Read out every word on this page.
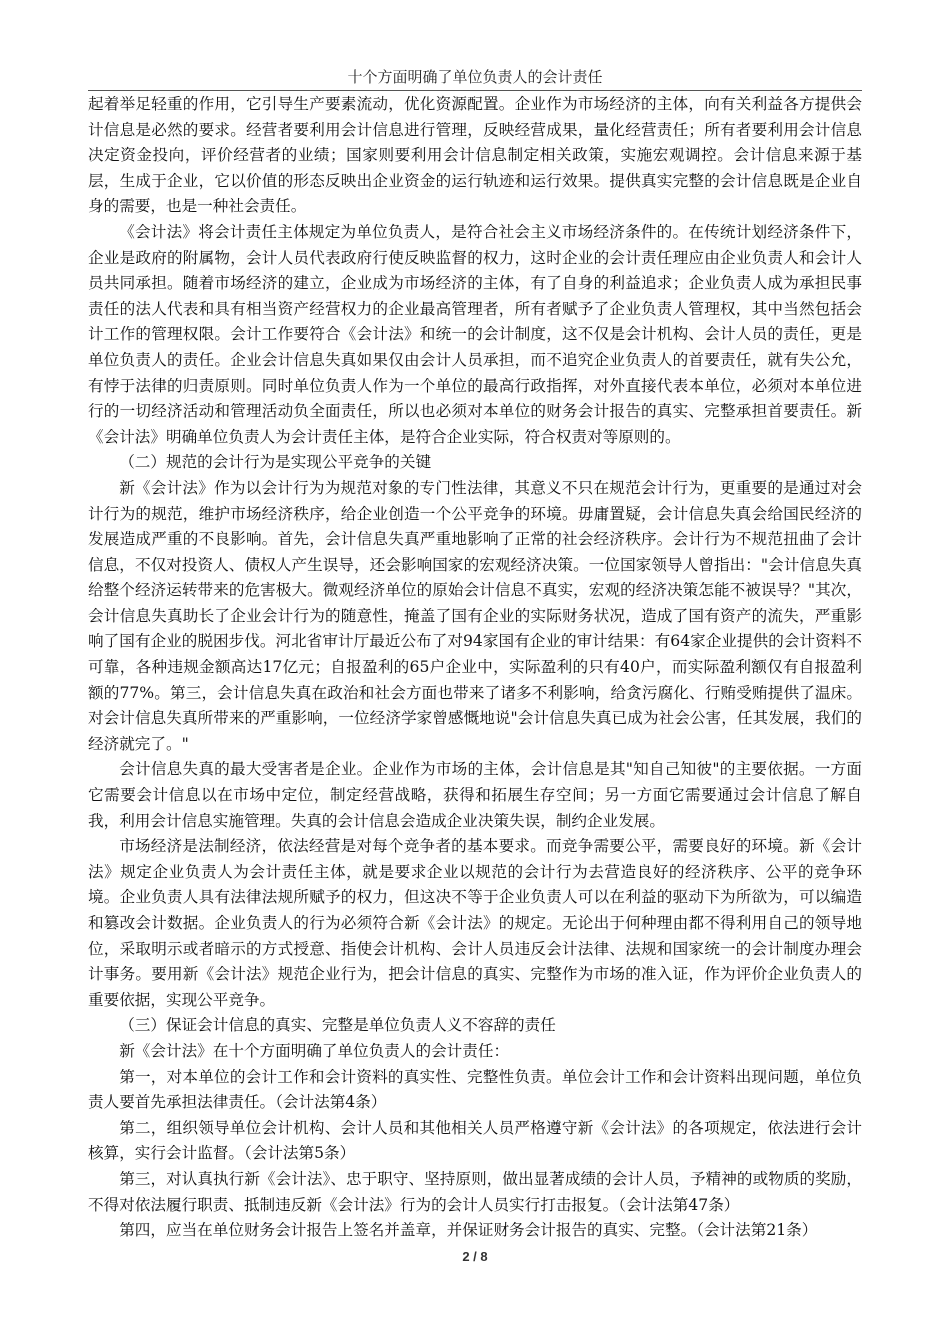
十个方面明确了单位负责人的会计责任

起着举足轻重的作用，它引导生产要素流动，优化资源配置。企业作为市场经济的主体，向有关利益各方提供会计信息是必然的要求。经营者要利用会计信息进行管理，反映经营成果，量化经营责任；所有者要利用会计信息决定资金投向，评价经营者的业绩；国家则要利用会计信息制定相关政策，实施宏观调控。会计信息来源于基层，生成于企业，它以价值的形态反映出企业资金的运行轨迹和运行效果。提供真实完整的会计信息既是企业自身的需要，也是一种社会责任。

《会计法》将会计责任主体规定为单位负责人，是符合社会主义市场经济条件的。在传统计划经济条件下，企业是政府的附属物，会计人员代表政府行使反映监督的权力，这时企业的会计责任理应由企业负责人和会计人员共同承担。随着市场经济的建立，企业成为市场经济的主体，有了自身的利益追求；企业负责人成为承担民事责任的法人代表和具有相当资产经营权力的企业最高管理者，所有者赋予了企业负责人管理权，其中当然包括会计工作的管理权限。会计工作要符合《会计法》和统一的会计制度，这不仅是会计机构、会计人员的责任，更是单位负责人的责任。企业会计信息失真如果仅由会计人员承担，而不追究企业负责人的首要责任，就有失公允，有悖于法律的归责原则。同时单位负责人作为一个单位的最高行政指挥，对外直接代表本单位，必须对本单位进行的一切经济活动和管理活动负全面责任，所以也必须对本单位的财务会计报告的真实、完整承担首要责任。新《会计法》明确单位负责人为会计责任主体，是符合企业实际，符合权责对等原则的。

（二）规范的会计行为是实现公平竞争的关键

新《会计法》作为以会计行为为规范对象的专门性法律，其意义不只在规范会计行为，更重要的是通过对会计行为的规范，维护市场经济秩序，给企业创造一个公平竞争的环境。毋庸置疑，会计信息失真会给国民经济的发展造成严重的不良影响。首先，会计信息失真严重地影响了正常的社会经济秩序。会计行为不规范扭曲了会计信息，不仅对投资人、债权人产生误导，还会影响国家的宏观经济决策。一位国家领导人曾指出："会计信息失真给整个经济运转带来的危害极大。微观经济单位的原始会计信息不真实，宏观的经济决策怎能不被误导？"其次，会计信息失真助长了企业会计行为的随意性，掩盖了国有企业的实际财务状况，造成了国有资产的流失，严重影响了国有企业的脱困步伐。河北省审计厅最近公布了对94家国有企业的审计结果：有64家企业提供的会计资料不可靠，各种违规金额高达17亿元；自报盈利的65户企业中，实际盈利的只有40户，而实际盈利额仅有自报盈利额的77%。第三，会计信息失真在政治和社会方面也带来了诸多不利影响，给贪污腐化、行贿受贿提供了温床。对会计信息失真所带来的严重影响，一位经济学家曾感慨地说"会计信息失真已成为社会公害，任其发展，我们的经济就完了。"

会计信息失真的最大受害者是企业。企业作为市场的主体，会计信息是其"知自己知彼"的主要依据。一方面它需要会计信息以在市场中定位，制定经营战略，获得和拓展生存空间；另一方面它需要通过会计信息了解自我，利用会计信息实施管理。失真的会计信息会造成企业决策失误，制约企业发展。

市场经济是法制经济，依法经营是对每个竞争者的基本要求。而竞争需要公平，需要良好的环境。新《会计法》规定企业负责人为会计责任主体，就是要求企业以规范的会计行为去营造良好的经济秩序、公平的竞争环境。企业负责人具有法律法规所赋予的权力，但这决不等于企业负责人可以在利益的驱动下为所欲为，可以编造和篡改会计数据。企业负责人的行为必须符合新《会计法》的规定。无论出于何种理由都不得利用自己的领导地位，采取明示或者暗示的方式授意、指使会计机构、会计人员违反会计法律、法规和国家统一的会计制度办理会计事务。要用新《会计法》规范企业行为，把会计信息的真实、完整作为市场的准入证，作为评价企业负责人的重要依据，实现公平竞争。

（三）保证会计信息的真实、完整是单位负责人义不容辞的责任

新《会计法》在十个方面明确了单位负责人的会计责任：

第一，对本单位的会计工作和会计资料的真实性、完整性负责。单位会计工作和会计资料出现问题，单位负责人要首先承担法律责任。（会计法第4条）

第二，组织领导单位会计机构、会计人员和其他相关人员严格遵守新《会计法》的各项规定，依法进行会计核算，实行会计监督。（会计法第5条）

第三，对认真执行新《会计法》、忠于职守、坚持原则，做出显著成绩的会计人员，予精神的或物质的奖励，不得对依法履行职责、抵制违反新《会计法》行为的会计人员实行打击报复。（会计法第47条）

第四，应当在单位财务会计报告上签名并盖章，并保证财务会计报告的真实、完整。（会计法第21条）

2 / 8
